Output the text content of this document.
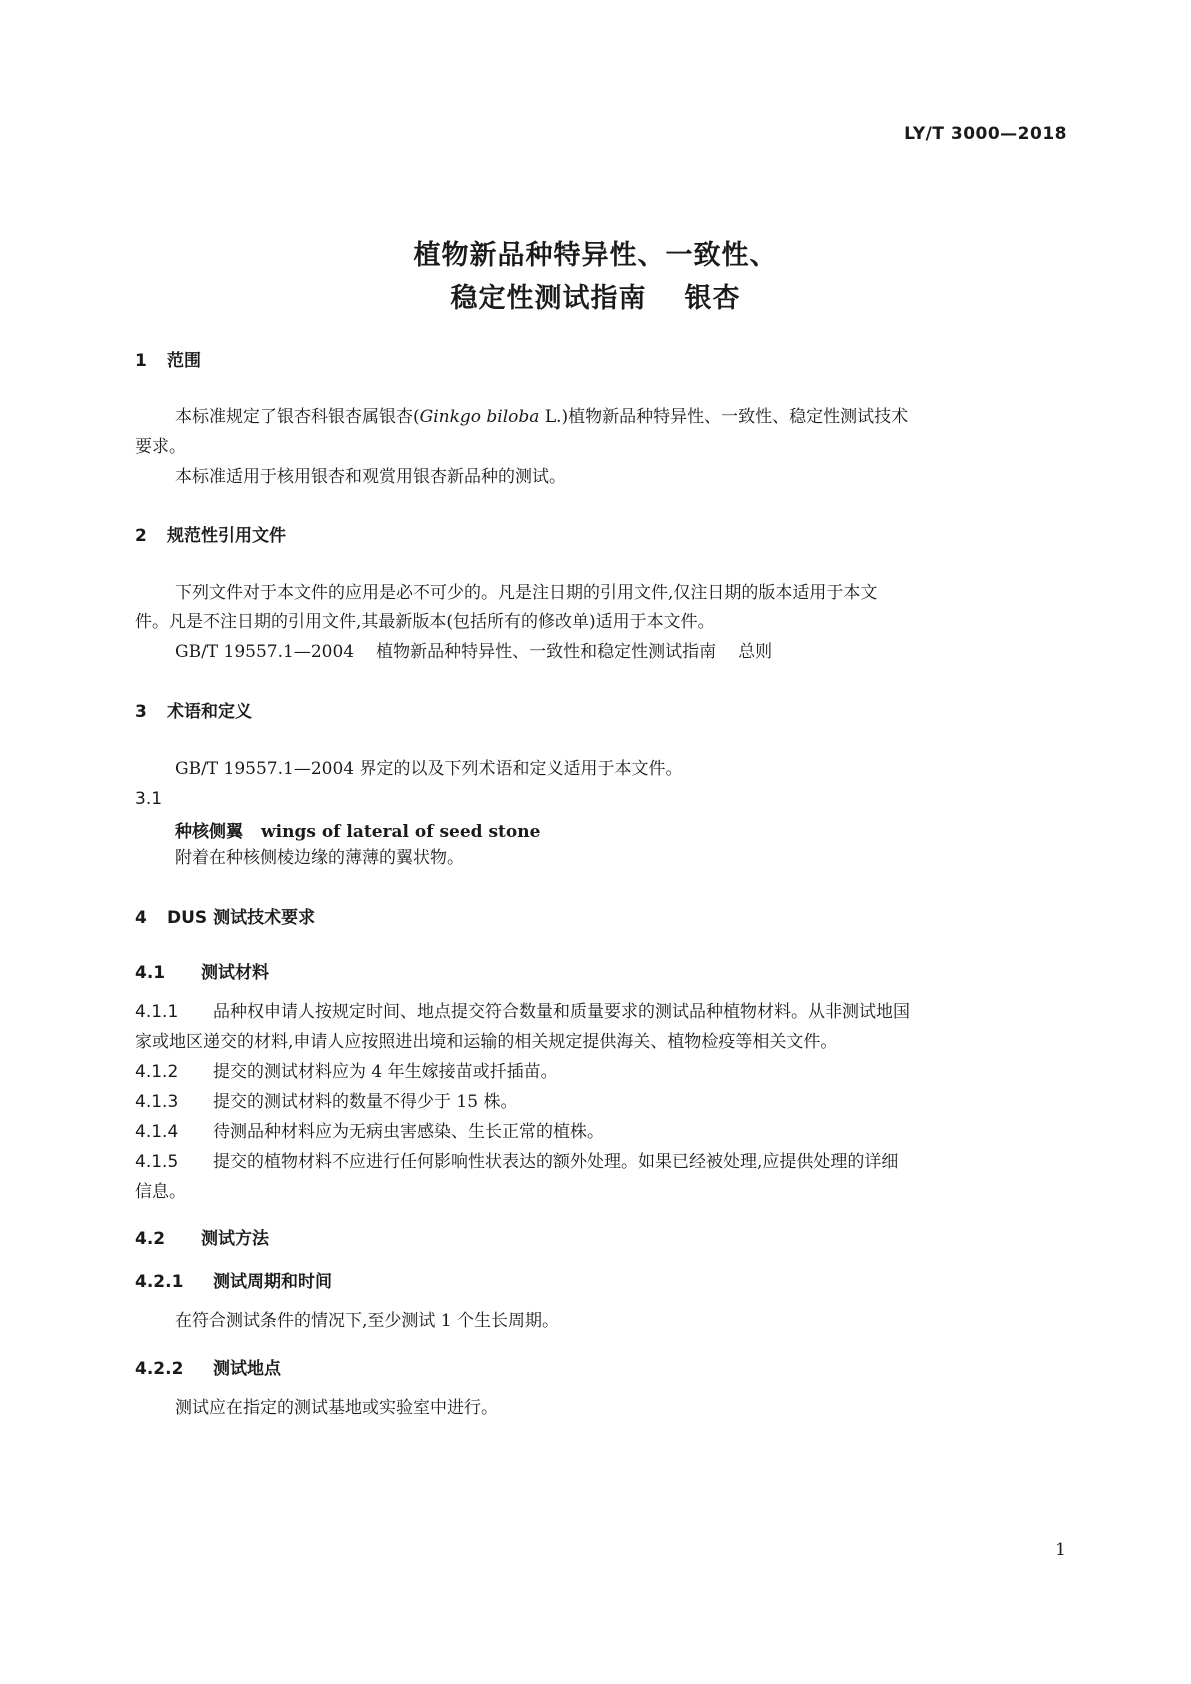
LY/T 3000—2018
植物新品种特异性、一致性、
稳定性测试指南 银杏
1 范围
本标准规定了银杏科银杏属银杏(Ginkgo biloba L.)植物新品种特异性、一致性、稳定性测试技术
要求。
本标准适用于核用银杏和观赏用银杏新品种的测试。
2 规范性引用文件
下列文件对于本文件的应用是必不可少的。凡是注日期的引用文件,仅注日期的版本适用于本文
件。凡是不注日期的引用文件,其最新版本(包括所有的修改单)适用于本文件。
GB/T 19557.1—2004 植物新品种特异性、一致性和稳定性测试指南 总则
3 术语和定义
GB/T 19557.1—2004 界定的以及下列术语和定义适用于本文件。
3.1
种核侧翼 wings of lateral of seed stone
附着在种核侧棱边缘的薄薄的翼状物。
4 DUS 测试技术要求
4.1 测试材料
4.1.1 品种权申请人按规定时间、地点提交符合数量和质量要求的测试品种植物材料。从非测试地国
家或地区递交的材料,申请人应按照进出境和运输的相关规定提供海关、植物检疫等相关文件。
4.1.2 提交的测试材料应为 4 年生嫁接苗或扦插苗。
4.1.3 提交的测试材料的数量不得少于 15 株。
4.1.4 待测品种材料应为无病虫害感染、生长正常的植株。
4.1.5 提交的植物材料不应进行任何影响性状表达的额外处理。如果已经被处理,应提供处理的详细
信息。
4.2 测试方法
4.2.1 测试周期和时间
在符合测试条件的情况下,至少测试 1 个生长周期。
4.2.2 测试地点
测试应在指定的测试基地或实验室中进行。
1
